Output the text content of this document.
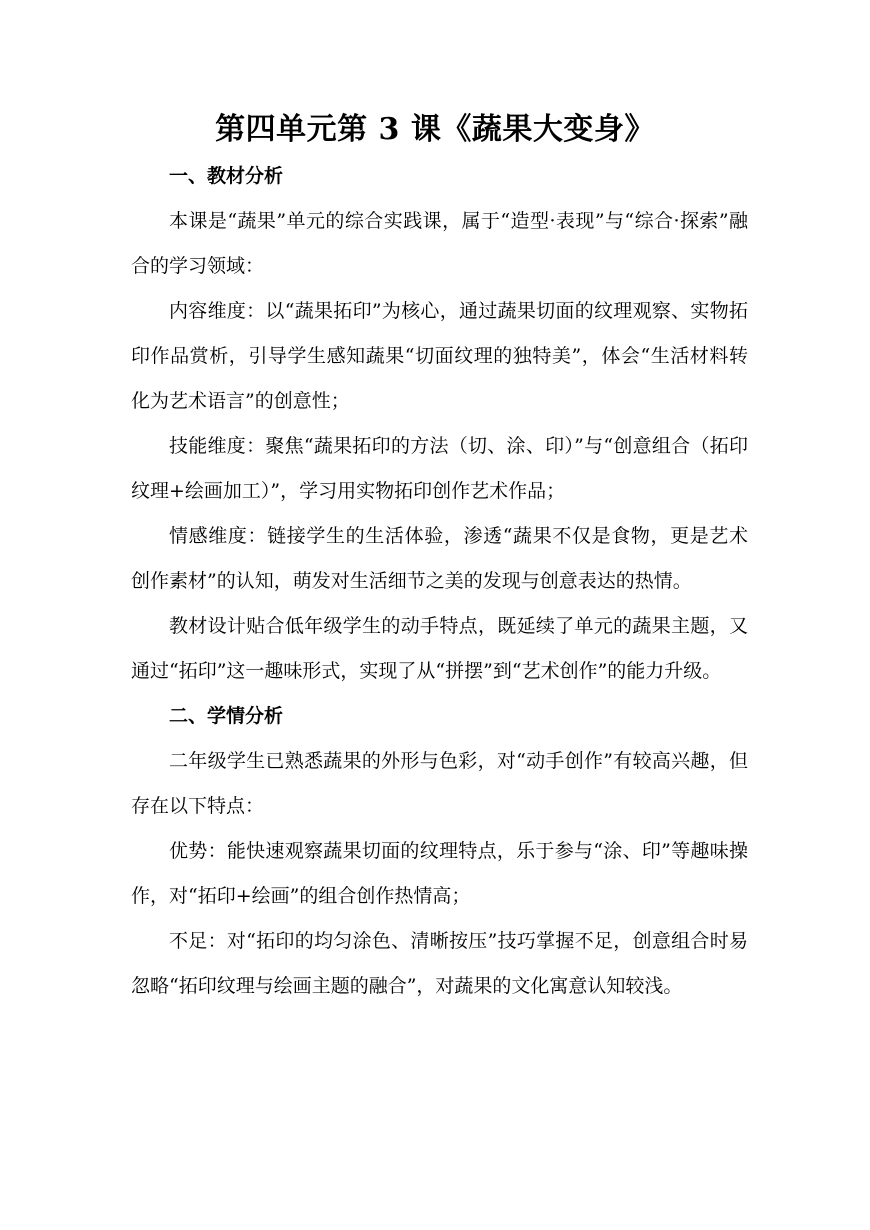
第四单元第 3 课《蔬果大变身》
一、教材分析

本课是“蔬果”单元的综合实践课，属于“造型·表现”与“综合·探索”融合的学习领域：

内容维度：以“蔬果拓印”为核心，通过蔬果切面的纹理观察、实物拓印作品赏析，引导学生感知蔬果“切面纹理的独特美”，体会“生活材料转化为艺术语言”的创意性；

技能维度：聚焦“蔬果拓印的方法（切、涂、印）”与“创意组合（拓印纹理+绘画加工）”，学习用实物拓印创作艺术作品；

情感维度：链接学生的生活体验，渗透“蔬果不仅是食物，更是艺术创作素材”的认知，萌发对生活细节之美的发现与创意表达的热情。

教材设计贴合低年级学生的动手特点，既延续了单元的蔬果主题，又通过“拓印”这一趣味形式，实现了从“拼摆”到“艺术创作”的能力升级。

二、学情分析

二年级学生已熟悉蔬果的外形与色彩，对“动手创作”有较高兴趣，但存在以下特点：

优势：能快速观察蔬果切面的纹理特点，乐于参与“涂、印”等趣味操作，对“拓印+绘画”的组合创作热情高；

不足：对“拓印的均匀涂色、清晰按压”技巧掌握不足，创意组合时易忽略“拓印纹理与绘画主题的融合”，对蔬果的文化寓意认知较浅。
